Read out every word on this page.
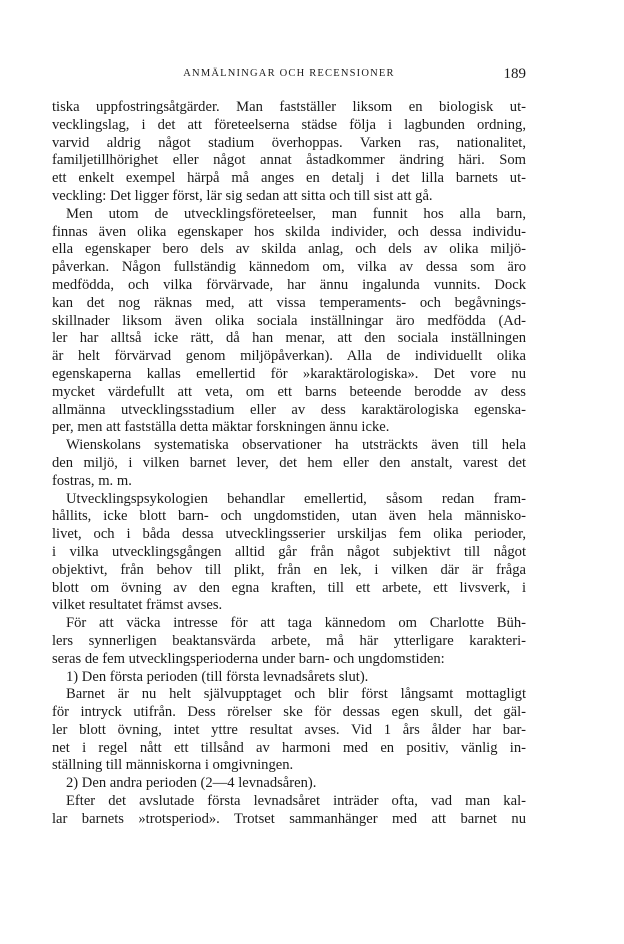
ANMÄLNINGAR OCH RECENSIONER	189
tiska uppfostringsåtgärder. Man fastställer liksom en biologisk ut-
vecklingslag, i det att företeelserna städse följa i lagbunden ordning,
varvid aldrig något stadium överhoppas. Varken ras, nationalitet,
familjetillhörighet eller något annat åstadkommer ändring häri. Som
ett enkelt exempel härpå må anges en detalj i det lilla barnets ut-
veckling: Det ligger först, lär sig sedan att sitta och till sist att gå.
Men utom de utvecklingsföreteelser, man funnit hos alla barn,
finnas även olika egenskaper hos skilda individer, och dessa individu-
ella egenskaper bero dels av skilda anlag, och dels av olika miljö-
påverkan. Någon fullständig kännedom om, vilka av dessa som äro
medfödda, och vilka förvärvade, har ännu ingalunda vunnits. Dock
kan det nog räknas med, att vissa temperaments- och begåvnings-
skillnader liksom även olika sociala inställningar äro medfödda (Ad-
ler har alltså icke rätt, då han menar, att den sociala inställningen
är helt förvärvad genom miljöpåverkan). Alla de individuellt olika
egenskaperna kallas emellertid för »karaktärologiska». Det vore nu
mycket värdefullt att veta, om ett barns beteende berodde av dess
allmänna utvecklingsstadium eller av dess karaktärologiska egenska-
per, men att fastställa detta mäktar forskningen ännu icke.
Wienskolans systematiska observationer ha utsträckts även till hela
den miljö, i vilken barnet lever, det hem eller den anstalt, varest det
fostras, m. m.
Utvecklingspsykologien behandlar emellertid, såsom redan fram-
hållits, icke blott barn- och ungdomstiden, utan även hela människo-
livet, och i båda dessa utvecklingsserier urskiljas fem olika perioder,
i vilka utvecklingsgången alltid går från något subjektivt till något
objektivt, från behov till plikt, från en lek, i vilken där är fråga
blott om övning av den egna kraften, till ett arbete, ett livsverk, i
vilket resultatet främst avses.
För att väcka intresse för att taga kännedom om Charlotte Büh-
lers synnerligen beaktansvärda arbete, må här ytterligare karakteri-
seras de fem utvecklingsperioderna under barn- och ungdomstiden:
1) Den första perioden (till första levnadsårets slut).
Barnet är nu helt självupptaget och blir först långsamt mottagligt
för intryck utifrån. Dess rörelser ske för dessas egen skull, det gäl-
ler blott övning, intet yttre resultat avses. Vid 1 års ålder har bar-
net i regel nått ett tillsånd av harmoni med en positiv, vänlig in-
ställning till människorna i omgivningen.
2) Den andra perioden (2—4 levnadsåren).
Efter det avslutade första levnadsåret inträder ofta, vad man kal-
lar barnets »trotsperiod». Trotset sammanhänger med att barnet nu
